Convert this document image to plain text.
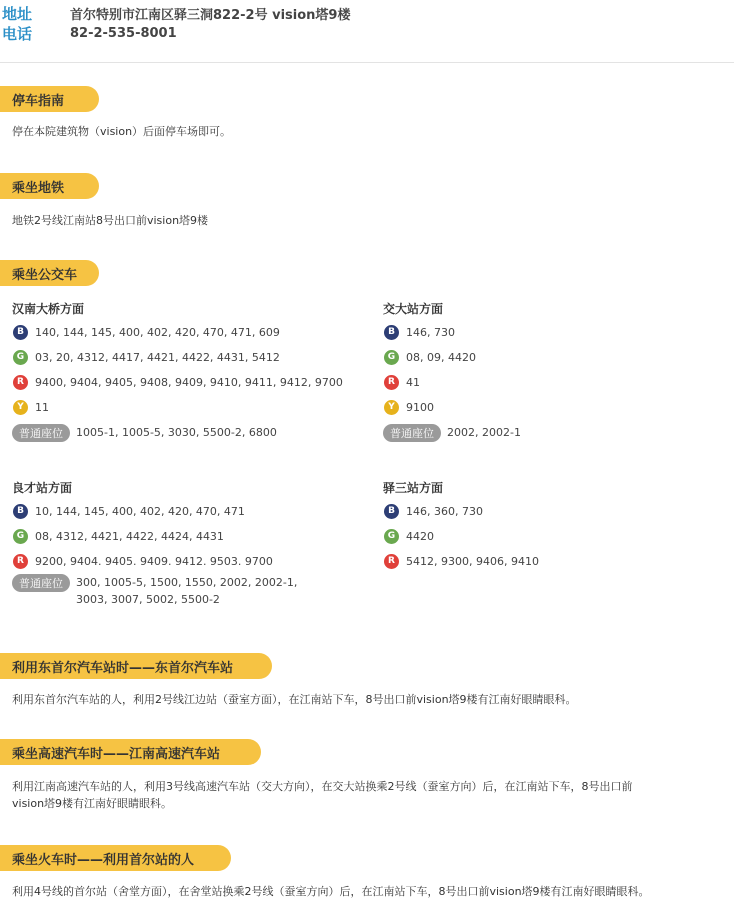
地址	首尔特别市江南区驿三洞822-2号 vision塔9楼
电话	82-2-535-8001
停车指南
停在本院建筑物（vision）后面停车场即可。
乘坐地铁
地铁2号线江南站8号出口前vision塔9楼
乘坐公交车
汉南大桥方面
B	140, 144, 145, 400, 402, 420, 470, 471, 609
G 03, 20, 4312, 4417, 4421, 4422, 4431, 5412
R	9400, 9404, 9405, 9408, 9409, 9410, 9411, 9412, 9700
Y	11
普通座位	1005-1, 1005-5, 3030, 5500-2, 6800
交大站方面
B	146, 730
G 08, 09, 4420
R	41
Y	9100
普通座位	2002, 2002-1
良才站方面
B	10, 144, 145, 400, 402, 420, 470, 471
G 08, 4312, 4421, 4422, 4424, 4431
R	9200, 9404. 9405. 9409. 9412. 9503. 9700
普通座位	300, 1005-5, 1500, 1550, 2002, 2002-1, 3003, 3007, 5002, 5500-2
驿三站方面
B	146, 360, 730
G 4420
R	5412, 9300, 9406, 9410
利用东首尔汽车站时——东首尔汽车站
利用东首尔汽车站的人，利用2号线江边站（蚕室方面），在江南站下车，8号出口前vision塔9楼有江南好眼睛眼科。
乘坐高速汽车时——江南高速汽车站
利用江南高速汽车站的人，利用3号线高速汽车站（交大方向），在交大站换乘2号线（蚕室方向）后，在江南站下车，8号出口前vision塔9楼有江南好眼睛眼科。
乘坐火车时——利用首尔站的人
利用4号线的首尔站（舍堂方面），在舍堂站换乘2号线（蚕室方向）后，在江南站下车，8号出口前vision塔9楼有江南好眼睛眼科。
